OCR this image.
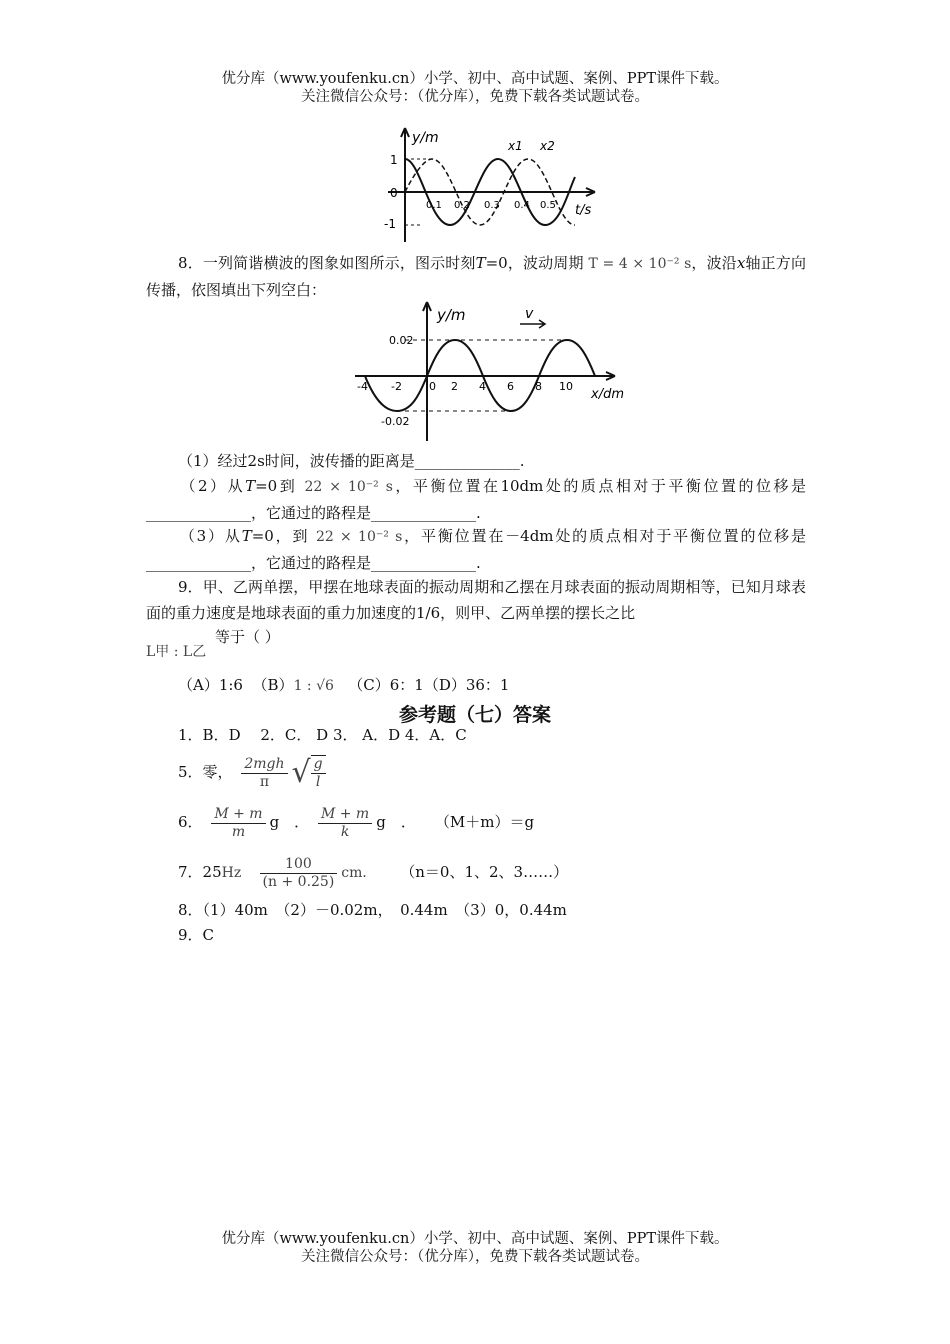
优分库（www.youfenku.cn）小学、初中、高中试题、案例、PPT课件下载。
关注微信公众号：（优分库），免费下载各类试题试卷。
y/m
1
0
-1
0.1 0.2 0.3 0.4 0.5 t/s
x1 x2
8．一列简谐横波的图象如图所示，图示时刻T=0，波动周期 T = 4 × 10⁻² s，波沿x轴正方向传播，依图填出下列空白：
y/m	v
0.02
-0.02
-4 -2 0 2 4 6 8 10
x/dm
（1）经过2s时间，波传播的距离是______________.
（2）从T=0到 22 × 10⁻² s，平衡位置在10dm处的质点相对于平衡位置的位移是______________，它通过的路程是______________.
（3）从T=0，到 22 × 10⁻² s，平衡位置在－4dm处的质点相对于平衡位置的位移是______________，它通过的路程是______________.
9．甲、乙两单摆，甲摆在地球表面的振动周期和乙摆在月球表面的振动周期相等，已知月球表面的重力速度是地球表面的重力加速度的1/6，则甲、乙两单摆的摆长之比
L甲 : L乙 等于（ ）
（A）1:6 （B）1 : √6 （C）6：1（D）36：1
参考题（七）答案
1．B．D　 2．C． D 3． A．D 4．A．C
5．零， $\frac{\text{2mgh}}{\pi}$ √ $\frac{g}{l}$
6． $\frac{M + m}{m}$ g　． $\frac{M + m}{k}$ g　． （M＋m）＝g
7．$25Hz \frac{100}{(n + 0.25)}$ cm． （n＝0、1、2、3……）
8．（1）40m　（2）－0.02m，　0.44m　（3）0，0.44m
9．C
优分库（www.youfenku.cn）小学、初中、高中试题、案例、PPT课件下载。
关注微信公众号：（优分库），免费下载各类试题试卷。
